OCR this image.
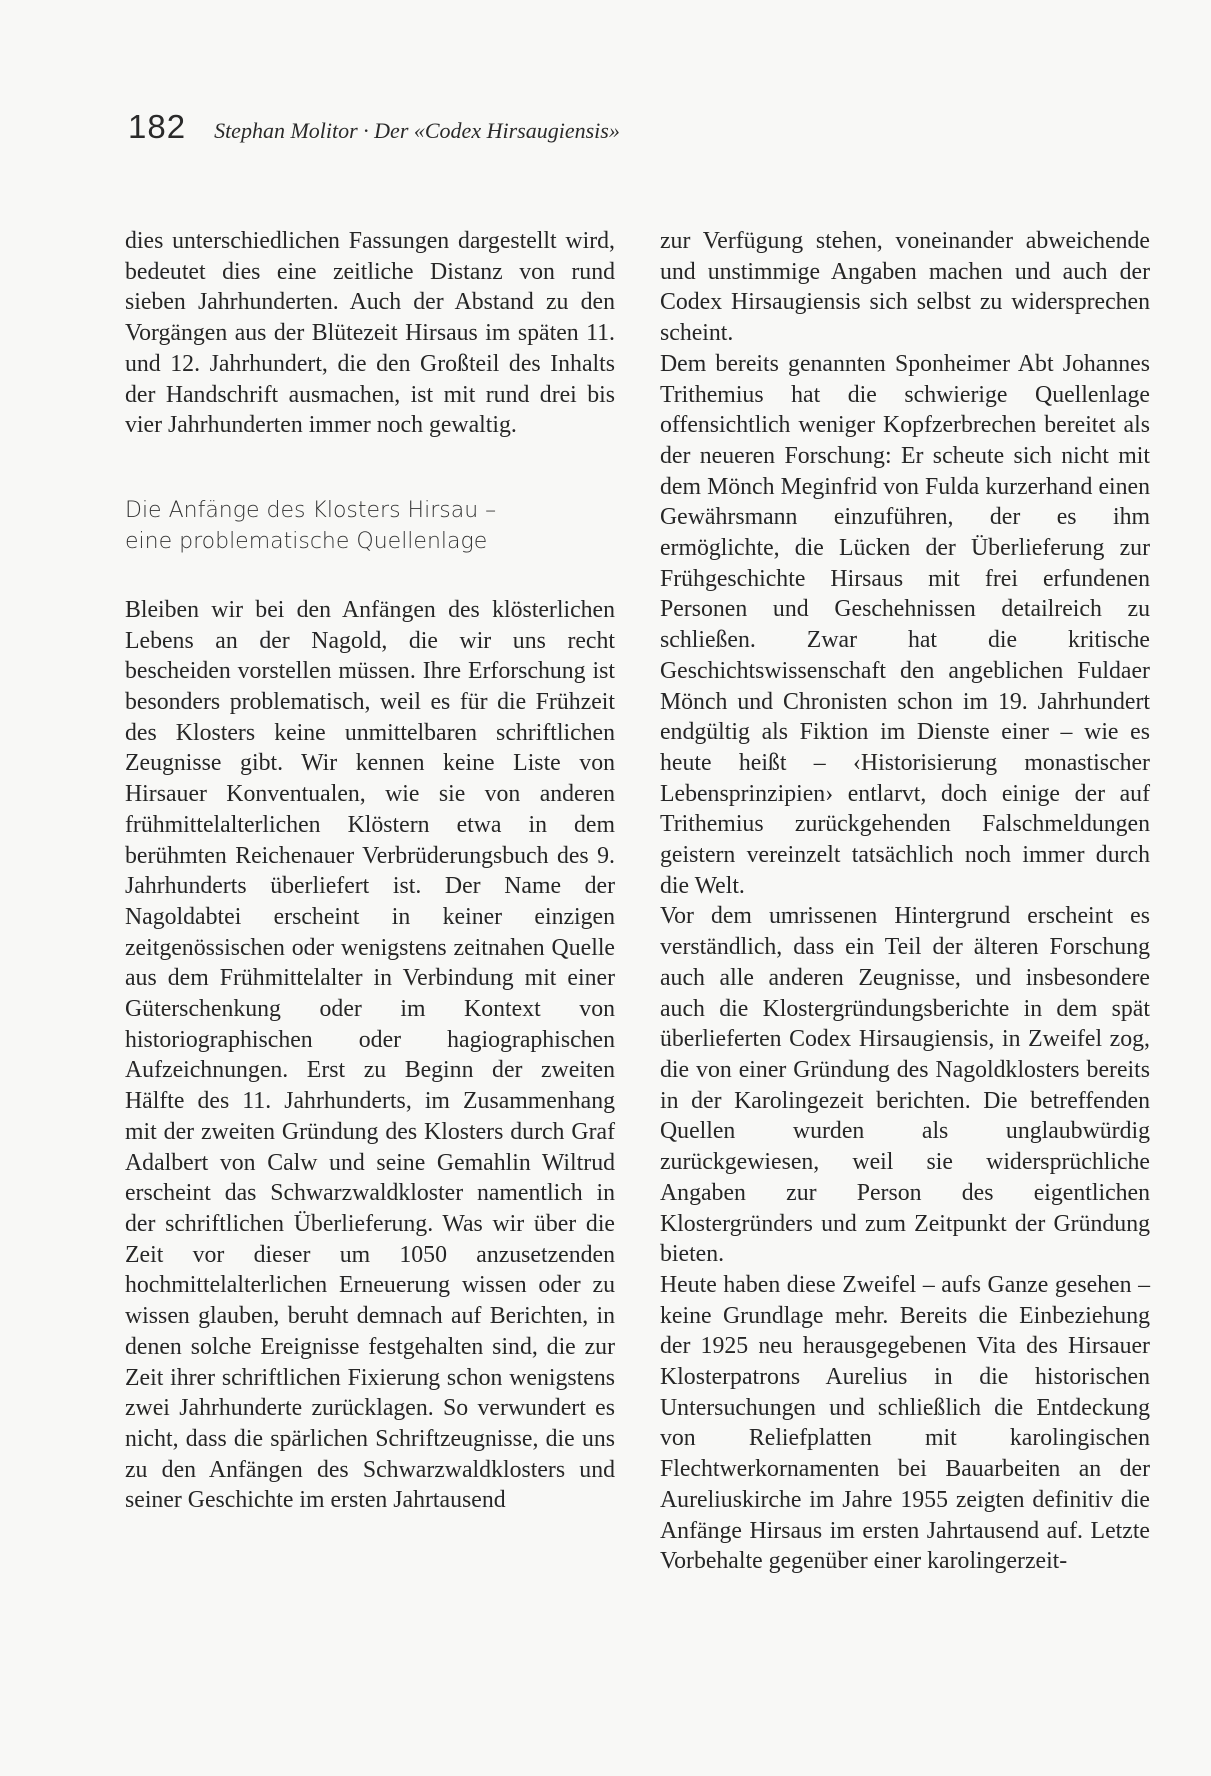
182 Stephan Molitor · Der «Codex Hirsaugiensis»

dies unterschiedlichen Fassungen dargestellt wird, bedeutet dies eine zeitliche Distanz von rund sieben Jahrhunderten. Auch der Abstand zu den Vorgängen aus der Blütezeit Hirsaus im späten 11. und 12. Jahrhundert, die den Großteil des Inhalts der Handschrift ausmachen, ist mit rund drei bis vier Jahrhunderten immer noch gewaltig.

Die Anfänge des Klosters Hirsau –
eine problematische Quellenlage

Bleiben wir bei den Anfängen des klösterlichen Lebens an der Nagold, die wir uns recht bescheiden vorstellen müssen. Ihre Erforschung ist besonders problematisch, weil es für die Frühzeit des Klosters keine unmittelbaren schriftlichen Zeugnisse gibt. Wir kennen keine Liste von Hirsauer Konventualen, wie sie von anderen frühmittelalterlichen Klöstern etwa in dem berühmten Reichenauer Verbrüderungsbuch des 9. Jahrhunderts überliefert ist. Der Name der Nagoldabtei erscheint in keiner einzigen zeitgenössischen oder wenigstens zeitnahen Quelle aus dem Frühmittelalter in Verbindung mit einer Güterschenkung oder im Kontext von historiographischen oder hagiographischen Aufzeichnungen. Erst zu Beginn der zweiten Hälfte des 11. Jahrhunderts, im Zusammenhang mit der zweiten Gründung des Klosters durch Graf Adalbert von Calw und seine Gemahlin Wiltrud erscheint das Schwarzwaldkloster namentlich in der schriftlichen Überlieferung. Was wir über die Zeit vor dieser um 1050 anzusetzenden hochmittelalterlichen Erneuerung wissen oder zu wissen glauben, beruht demnach auf Berichten, in denen solche Ereignisse festgehalten sind, die zur Zeit ihrer schriftlichen Fixierung schon wenigstens zwei Jahrhunderte zurücklagen. So verwundert es nicht, dass die spärlichen Schriftzeugnisse, die uns zu den Anfängen des Schwarzwaldklosters und seiner Geschichte im ersten Jahrtausend

zur Verfügung stehen, voneinander abweichende und unstimmige Angaben machen und auch der Codex Hirsaugiensis sich selbst zu widersprechen scheint.

Dem bereits genannten Sponheimer Abt Johannes Trithemius hat die schwierige Quellenlage offensichtlich weniger Kopfzerbrechen bereitet als der neueren Forschung: Er scheute sich nicht mit dem Mönch Meginfrid von Fulda kurzerhand einen Gewährsmann einzuführen, der es ihm ermöglichte, die Lücken der Überlieferung zur Frühgeschichte Hirsaus mit frei erfundenen Personen und Geschehnissen detailreich zu schließen. Zwar hat die kritische Geschichtswissenschaft den angeblichen Fuldaer Mönch und Chronisten schon im 19. Jahrhundert endgültig als Fiktion im Dienste einer – wie es heute heißt – ‹Historisierung monastischer Lebensprinzipien› entlarvt, doch einige der auf Trithemius zurückgehenden Falschmeldungen geistern vereinzelt tatsächlich noch immer durch die Welt.

Vor dem umrissenen Hintergrund erscheint es verständlich, dass ein Teil der älteren Forschung auch alle anderen Zeugnisse, und insbesondere auch die Klostergründungsberichte in dem spät überlieferten Codex Hirsaugiensis, in Zweifel zog, die von einer Gründung des Nagoldklosters bereits in der Karolingezeit berichten. Die betreffenden Quellen wurden als unglaubwürdig zurückgewiesen, weil sie widersprüchliche Angaben zur Person des eigentlichen Klostergründers und zum Zeitpunkt der Gründung bieten.

Heute haben diese Zweifel – aufs Ganze gesehen – keine Grundlage mehr. Bereits die Einbeziehung der 1925 neu herausgegebenen Vita des Hirsauer Klosterpatrons Aurelius in die historischen Untersuchungen und schließlich die Entdeckung von Reliefplatten mit karolingischen Flechtwerkornamenten bei Bauarbeiten an der Aureliuskirche im Jahre 1955 zeigten definitiv die Anfänge Hirsaus im ersten Jahrtausend auf. Letzte Vorbehalte gegenüber einer karolingerzeit-
